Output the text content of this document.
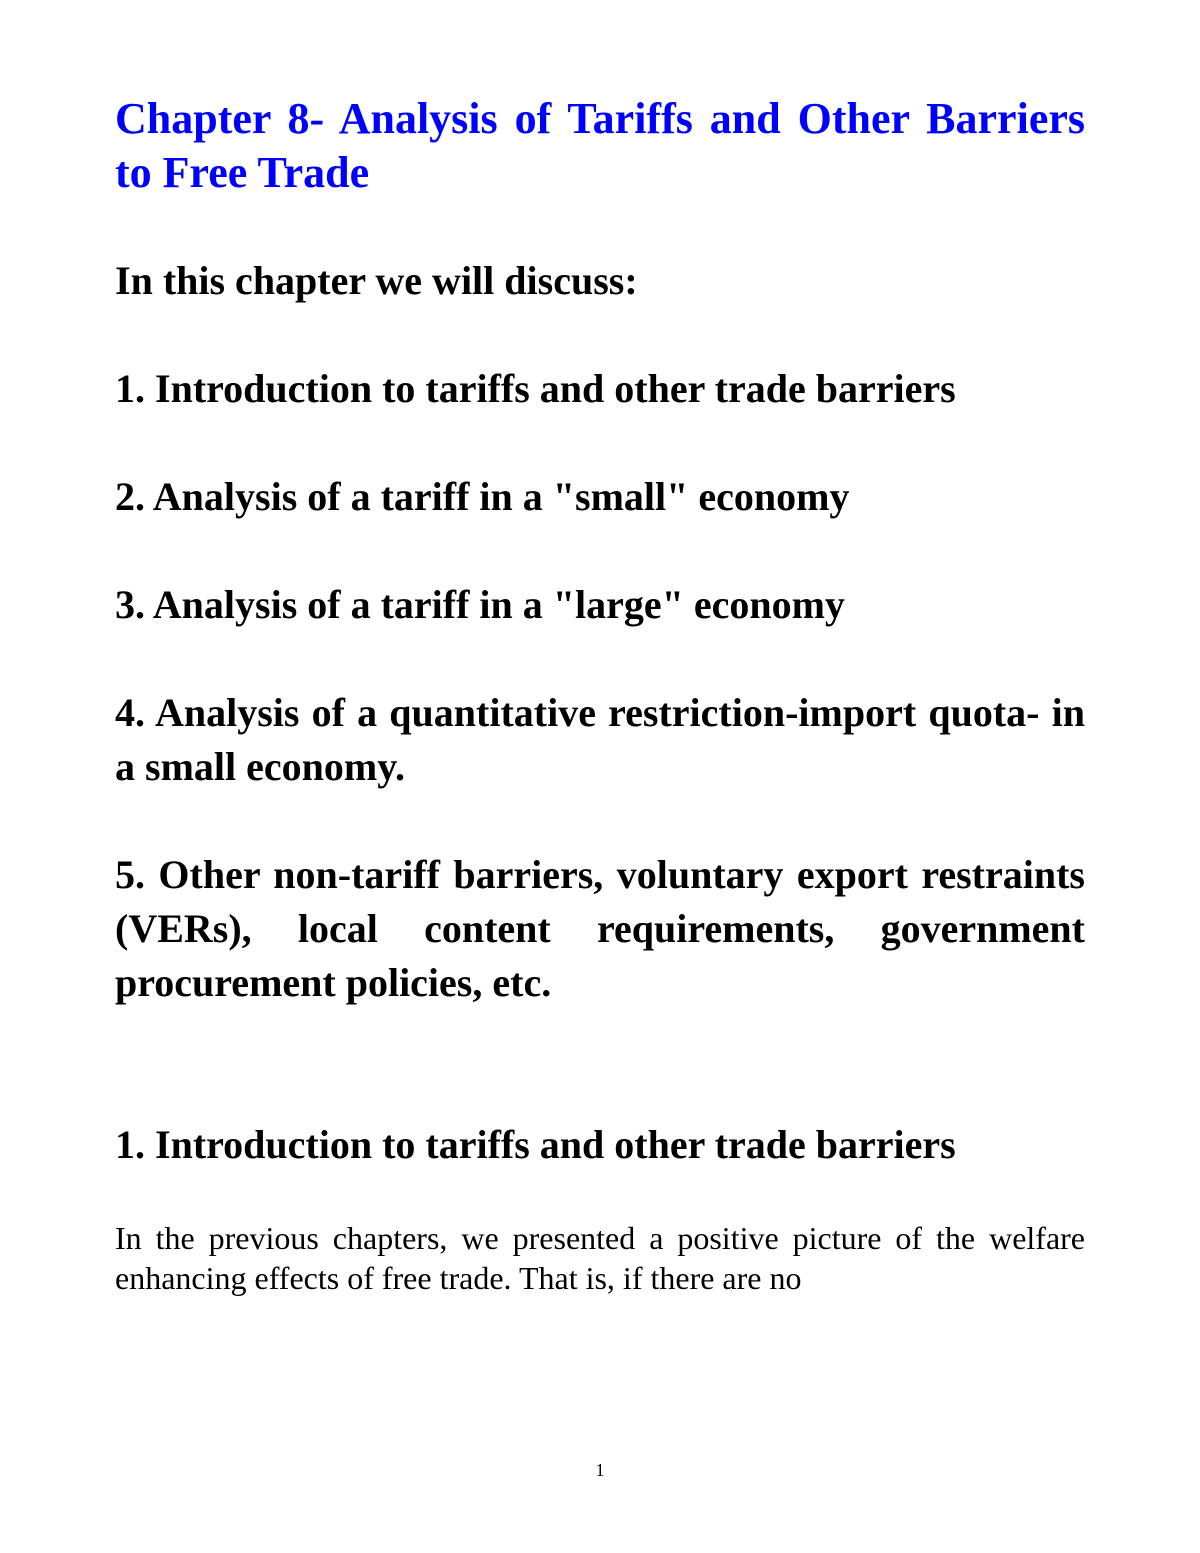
Chapter 8- Analysis of Tariffs and Other Barriers to Free Trade

In this chapter we will discuss:

1. Introduction to tariffs and other trade barriers

2. Analysis of a tariff in a "small" economy

3. Analysis of a tariff in a "large" economy

4. Analysis of a quantitative restriction-import quota- in a small economy.

5. Other non-tariff barriers, voluntary export restraints (VERs), local content requirements, government procurement policies, etc.

1. Introduction to tariffs and other trade barriers

In the previous chapters, we presented a positive picture of the welfare enhancing effects of free trade. That is, if there are no

1
